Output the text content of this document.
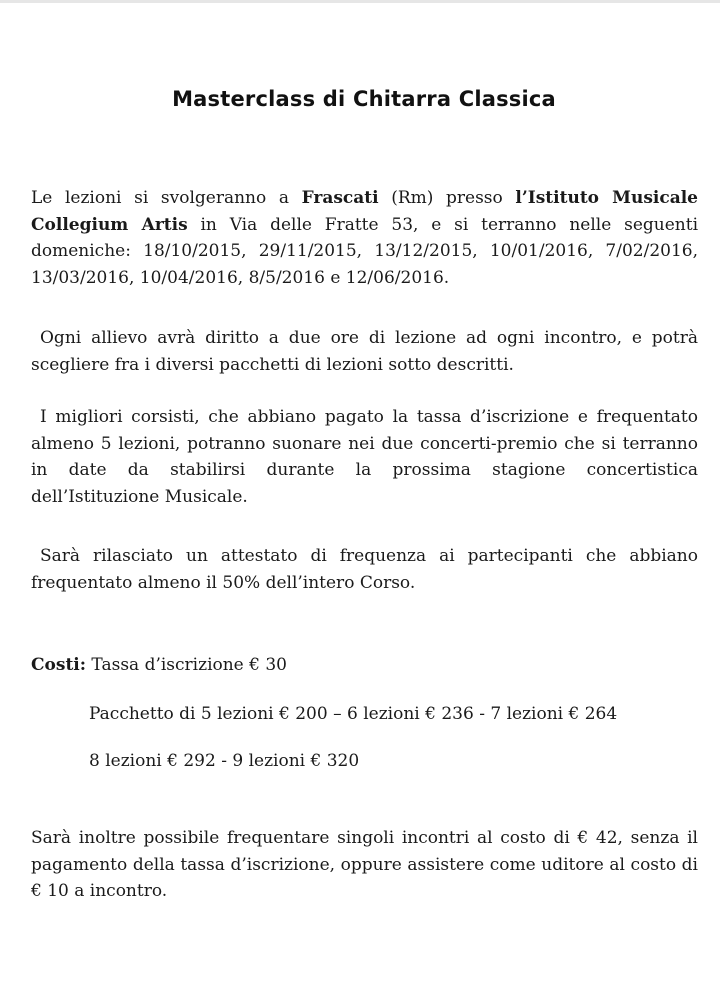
Masterclass di Chitarra Classica
Le lezioni si svolgeranno a Frascati (Rm) presso l’Istituto Musicale Collegium Artis in Via delle Fratte 53, e si terranno nelle seguenti domeniche: 18/10/2015, 29/11/2015, 13/12/2015, 10/01/2016, 7/02/2016, 13/03/2016, 10/04/2016, 8/5/2016 e 12/06/2016.
Ogni allievo avrà diritto a due ore di lezione ad ogni incontro, e potrà scegliere fra i diversi pacchetti di lezioni sotto descritti.
I migliori corsisti, che abbiano pagato la tassa d’iscrizione e frequentato almeno 5 lezioni, potranno suonare nei due concerti-premio che si terranno in date da stabilirsi durante la prossima stagione concertistica dell’Istituzione Musicale.
Sarà rilasciato un attestato di frequenza ai partecipanti che abbiano frequentato almeno il 50% dell’intero Corso.
Costi: Tassa d’iscrizione € 30
Pacchetto di 5 lezioni € 200 – 6 lezioni € 236 - 7 lezioni € 264
8 lezioni € 292 - 9 lezioni € 320
Sarà inoltre possibile frequentare singoli incontri al costo di € 42, senza il pagamento della tassa d’iscrizione, oppure assistere come uditore al costo di € 10 a incontro.
